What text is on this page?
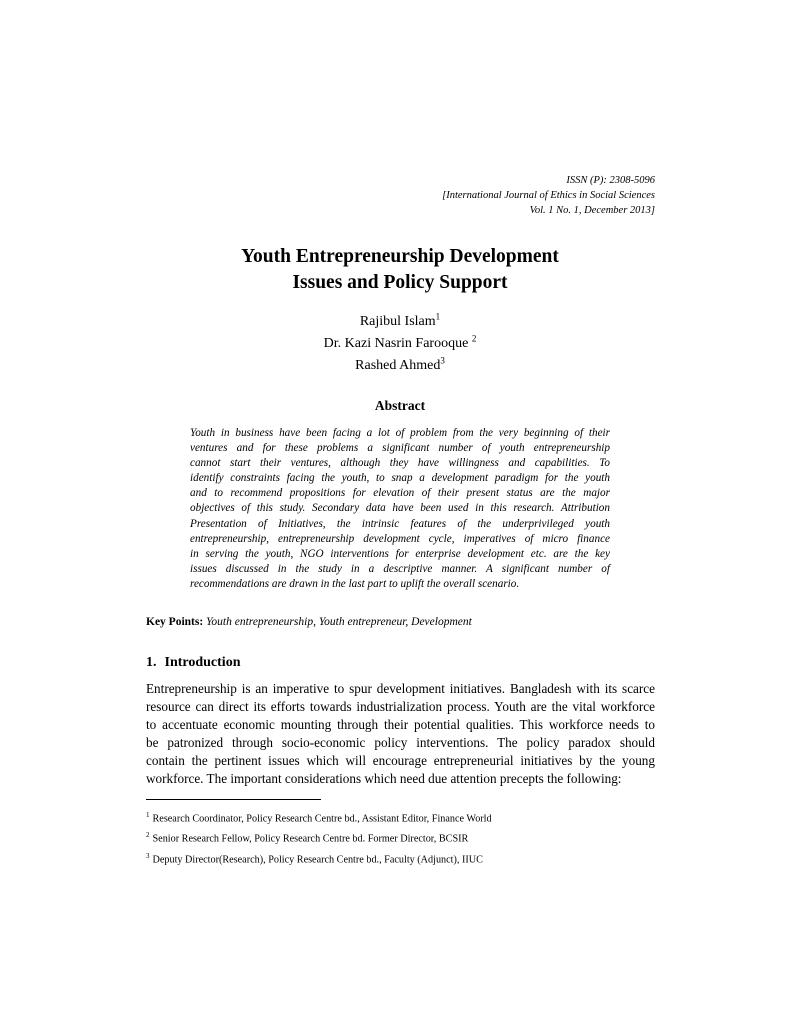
ISSN (P): 2308-5096
[International Journal of Ethics in Social Sciences
Vol. 1 No. 1, December 2013]
Youth Entrepreneurship Development
Issues and Policy Support
Rajibul Islam$^1$
Dr. Kazi Nasrin Farooque $^2$
Rashed Ahmed$^3$
Abstract
Youth in business have been facing a lot of problem from the very beginning of their
ventures and for these problems a significant number of youth entrepreneurship
cannot start their ventures, although they have willingness and capabilities. To
identify constraints facing the youth, to snap a development paradigm for the youth
and to recommend propositions for elevation of their present status are the major
objectives of this study. Secondary data have been used in this research. Attribution
Presentation of Initiatives, the intrinsic features of the underprivileged youth
entrepreneurship, entrepreneurship development cycle, imperatives of micro finance
in serving the youth, NGO interventions for enterprise development etc. are the key
issues discussed in the study in a descriptive manner. A significant number of
recommendations are drawn in the last part to uplift the overall scenario.
Key Points: Youth entrepreneurship, Youth entrepreneur, Development
1. Introduction
Entrepreneurship is an imperative to spur development initiatives. Bangladesh with its scarce
resource can direct its efforts towards industrialization process. Youth are the vital workforce
to accentuate economic mounting through their potential qualities. This workforce needs to
be patronized through socio-economic policy interventions. The policy paradox should
contain the pertinent issues which will encourage entrepreneurial initiatives by the young
workforce. The important considerations which need due attention precepts the following:
$^1$ Research Coordinator, Policy Research Centre bd., Assistant Editor, Finance World
$^2$ Senior Research Fellow, Policy Research Centre bd. Former Director, BCSIR
$^3$ Deputy Director(Research), Policy Research Centre bd., Faculty (Adjunct), IIUC
